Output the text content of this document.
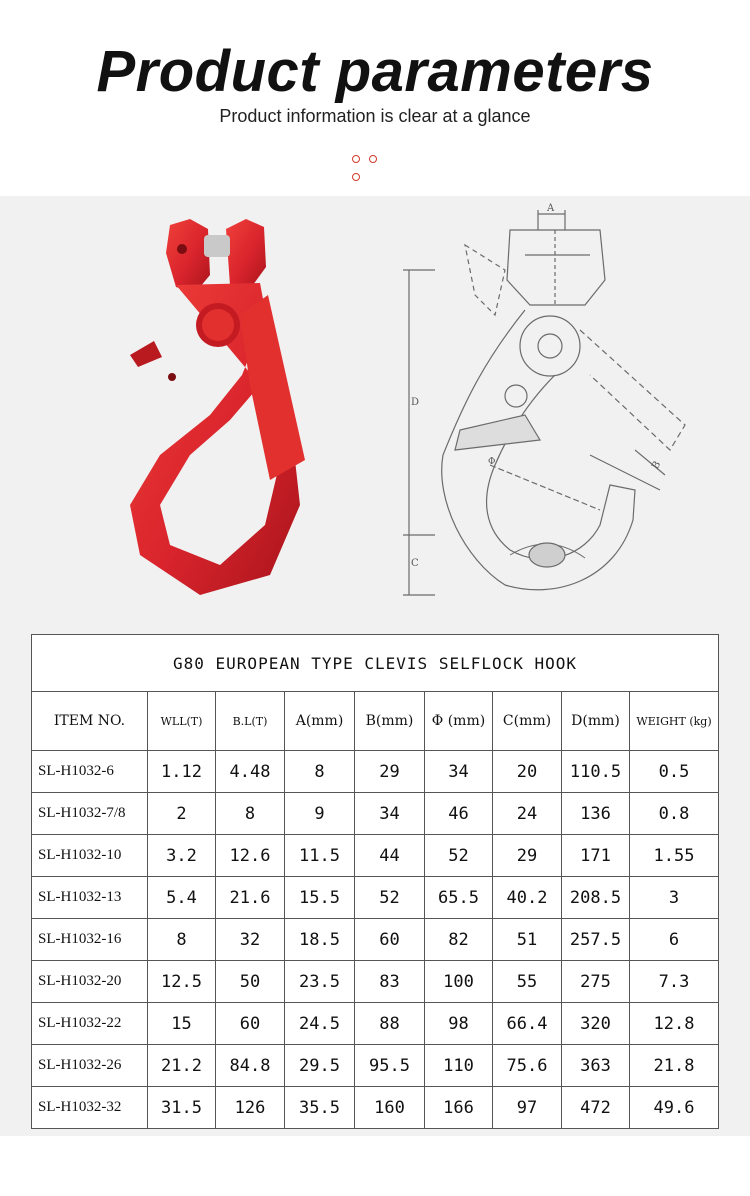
Product parameters
Product information is clear at a glance
A
D
C
B
Φ
G80 EUROPEAN TYPE CLEVIS SELFLOCK HOOK								
ITEM NO.	WLL(T)	B.L(T)	A(mm)	B(mm)	Φ (mm)	C(mm)	D(mm)	WEIGHT (kg)
SL-H1032-6	1.12	4.48	8	29	34	20	110.5	0.5
SL-H1032-7/8	2	8	9	34	46	24	136	0.8
SL-H1032-10	3.2	12.6	11.5	44	52	29	171	1.55
SL-H1032-13	5.4	21.6	15.5	52	65.5	40.2	208.5	3
SL-H1032-16	8	32	18.5	60	82	51	257.5	6
SL-H1032-20	12.5	50	23.5	83	100	55	275	7.3
SL-H1032-22	15	60	24.5	88	98	66.4	320	12.8
SL-H1032-26	21.2	84.8	29.5	95.5	110	75.6	363	21.8
SL-H1032-32	31.5	126	35.5	160	166	97	472	49.6
